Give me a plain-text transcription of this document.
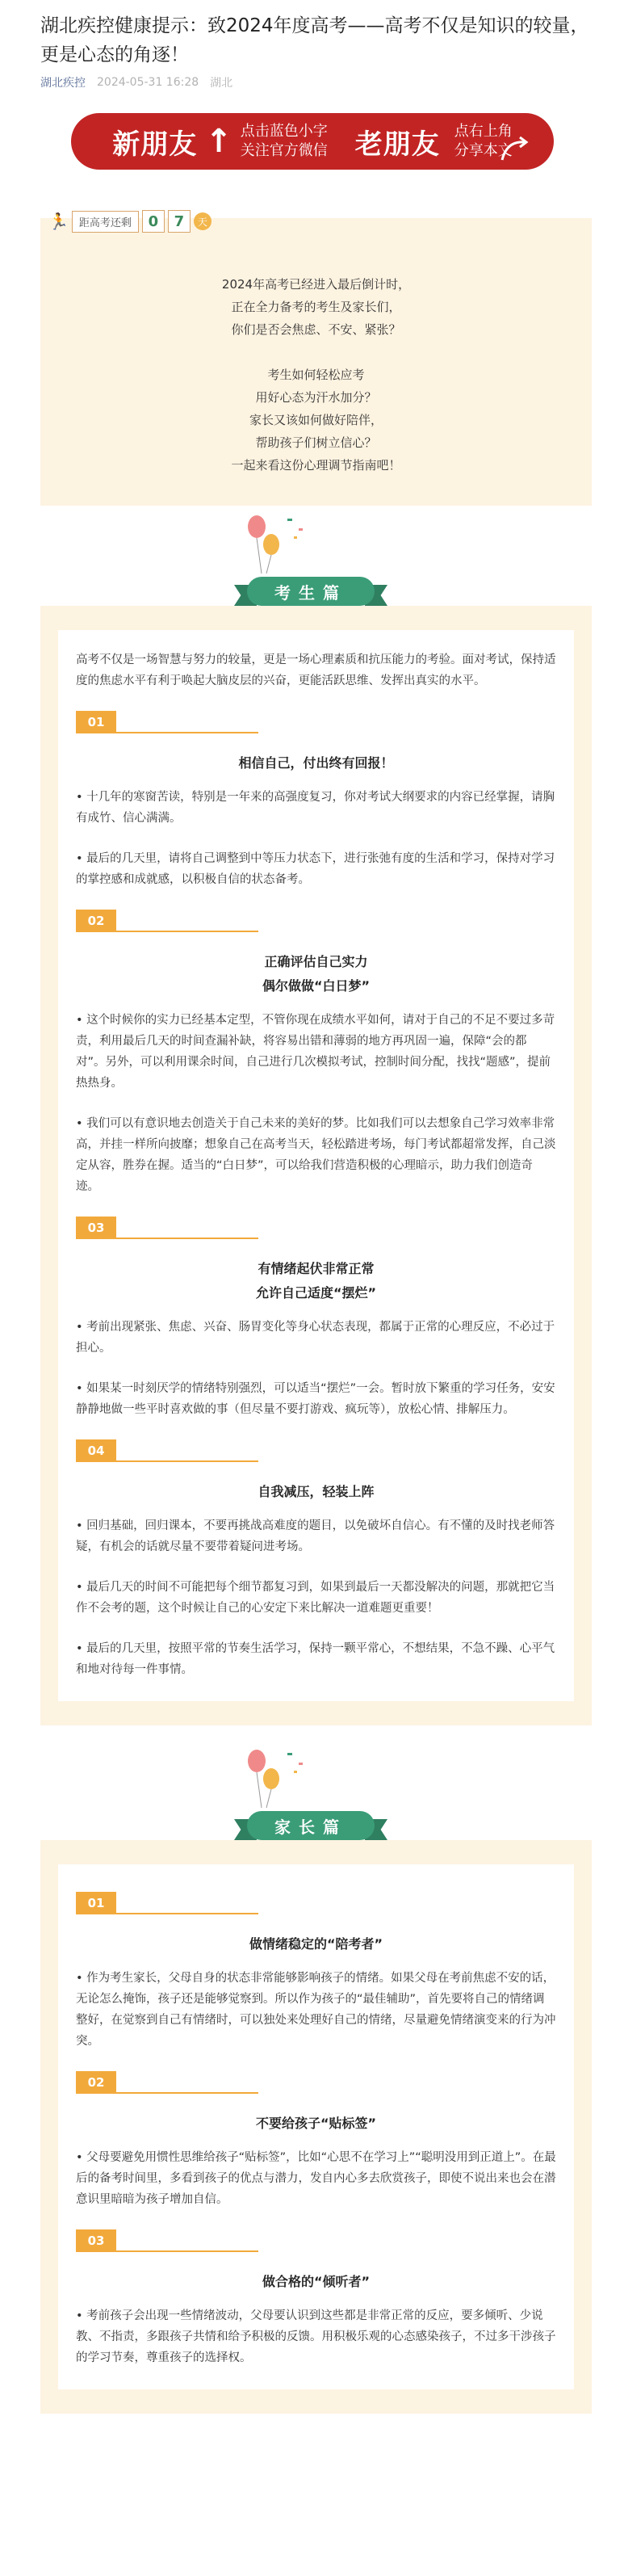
湖北疾控健康提示：致2024年度高考——高考不仅是知识的较量，更是心态的角逐！
湖北疾控 2024-05-31 16:28 湖北
新朋友 ↑ 点击蓝色小字
关注官方微信 老朋友 点右上角
分享本文
🏃	距高考还剩	0	7	天

2024年高考已经进入最后倒计时，

正在全力备考的考生及家长们，

你们是否会焦虑、不安、紧张？

考生如何轻松应考

用好心态为汗水加分？

家长又该如何做好陪伴，

帮助孩子们树立信心？

一起来看这份心理调节指南吧！

考生篇
高考不仅是一场智慧与努力的较量，更是一场心理素质和抗压能力的考验。面对考试，保持适度的焦虑水平有利于唤起大脑皮层的兴奋，更能活跃思维、发挥出真实的水平。
01
相信自己，付出终有回报！
• 十几年的寒窗苦读，特别是一年来的高强度复习，你对考试大纲要求的内容已经掌握，请胸有成竹、信心满满。
• 最后的几天里，请将自己调整到中等压力状态下，进行张弛有度的生活和学习，保持对学习的掌控感和成就感，以积极自信的状态备考。
02
正确评估自己实力
偶尔做做“白日梦”
• 这个时候你的实力已经基本定型，不管你现在成绩水平如何，请对于自己的不足不要过多苛责，利用最后几天的时间查漏补缺，将容易出错和薄弱的地方再巩固一遍，保障“会的都对”。另外，可以利用课余时间，自己进行几次模拟考试，控制时间分配，找找“题感”，提前热热身。
• 我们可以有意识地去创造关于自己未来的美好的梦。比如我们可以去想象自己学习效率非常高，并挂一样所向披靡；想象自己在高考当天，轻松踏进考场，每门考试都超常发挥，自己淡定从容，胜券在握。适当的“白日梦”，可以给我们营造积极的心理暗示，助力我们创造奇迹。
03
有情绪起伏非常正常
允许自己适度“摆烂”
• 考前出现紧张、焦虑、兴奋、肠胃变化等身心状态表现，都属于正常的心理反应，不必过于担心。
• 如果某一时刻厌学的情绪特别强烈，可以适当“摆烂”一会。暂时放下繁重的学习任务，安安静静地做一些平时喜欢做的事（但尽量不要打游戏、疯玩等），放松心情、排解压力。
04
自我减压，轻装上阵
• 回归基础，回归课本，不要再挑战高难度的题目，以免破坏自信心。有不懂的及时找老师答疑，有机会的话就尽量不要带着疑问进考场。
• 最后几天的时间不可能把每个细节都复习到，如果到最后一天都没解决的问题，那就把它当作不会考的题，这个时候让自己的心安定下来比解决一道难题更重要！
• 最后的几天里，按照平常的节奏生活学习，保持一颗平常心，不想结果，不急不躁、心平气和地对待每一件事情。
家长篇
01
做情绪稳定的“陪考者”
• 作为考生家长，父母自身的状态非常能够影响孩子的情绪。如果父母在考前焦虑不安的话，无论怎么掩饰，孩子还是能够觉察到。所以作为孩子的“最佳辅助”，首先要将自己的情绪调整好，在觉察到自己有情绪时，可以独处来处理好自己的情绪，尽量避免情绪演变来的行为冲突。
02
不要给孩子“贴标签”
• 父母要避免用惯性思维给孩子“贴标签”，比如“心思不在学习上”“聪明没用到正道上”。在最后的备考时间里，多看到孩子的优点与潜力，发自内心多去欣赏孩子，即使不说出来也会在潜意识里暗暗为孩子增加自信。
03
做合格的“倾听者”
• 考前孩子会出现一些情绪波动，父母要认识到这些都是非常正常的反应，要多倾听、少说教、不指责，多跟孩子共情和给予积极的反馈。用积极乐观的心态感染孩子，不过多干涉孩子的学习节奏，尊重孩子的选择权。
